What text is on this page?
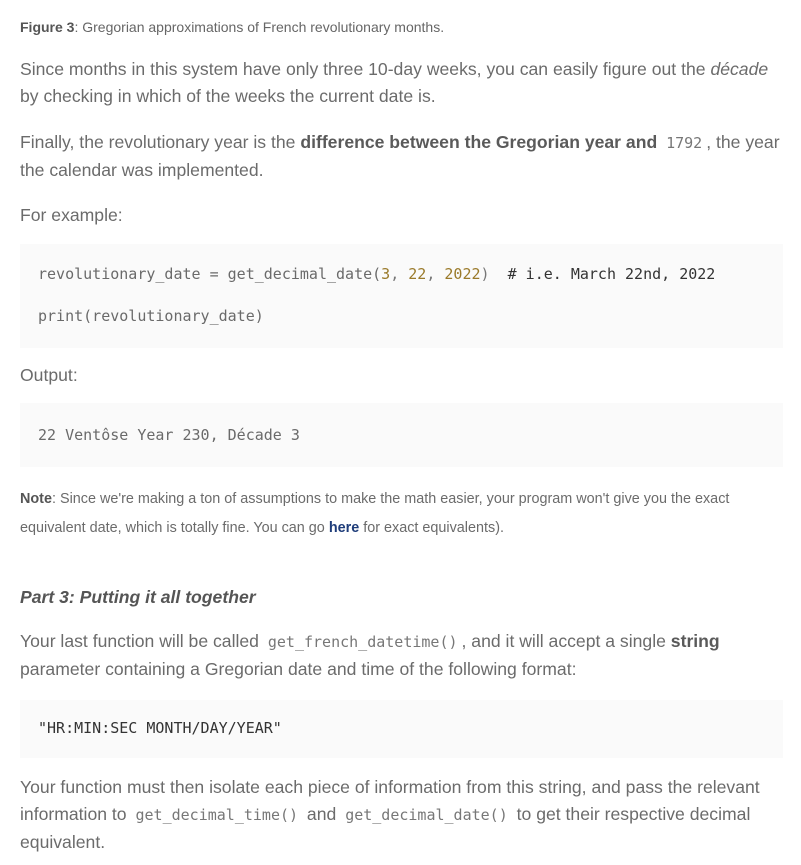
Figure 3: Gregorian approximations of French revolutionary months.
Since months in this system have only three 10-day weeks, you can easily figure out the décade by checking in which of the weeks the current date is.
Finally, the revolutionary year is the difference between the Gregorian year and 1792 , the year the calendar was implemented.
For example:
revolutionary_date = get_decimal_date(3, 22, 2022) # i.e. March 22nd, 2022
print(revolutionary_date)
Output:
22 Ventôse Year 230, Décade 3
Note: Since we're making a ton of assumptions to make the math easier, your program won't give you the exact equivalent date, which is totally fine. You can go here for exact equivalents).
Part 3: Putting it all together
Your last function will be called get_french_datetime() , and it will accept a single string parameter containing a Gregorian date and time of the following format:
"HR:MIN:SEC MONTH/DAY/YEAR"
Your function must then isolate each piece of information from this string, and pass the relevant information to get_decimal_time() and get_decimal_date() to get their respective decimal equivalent.
